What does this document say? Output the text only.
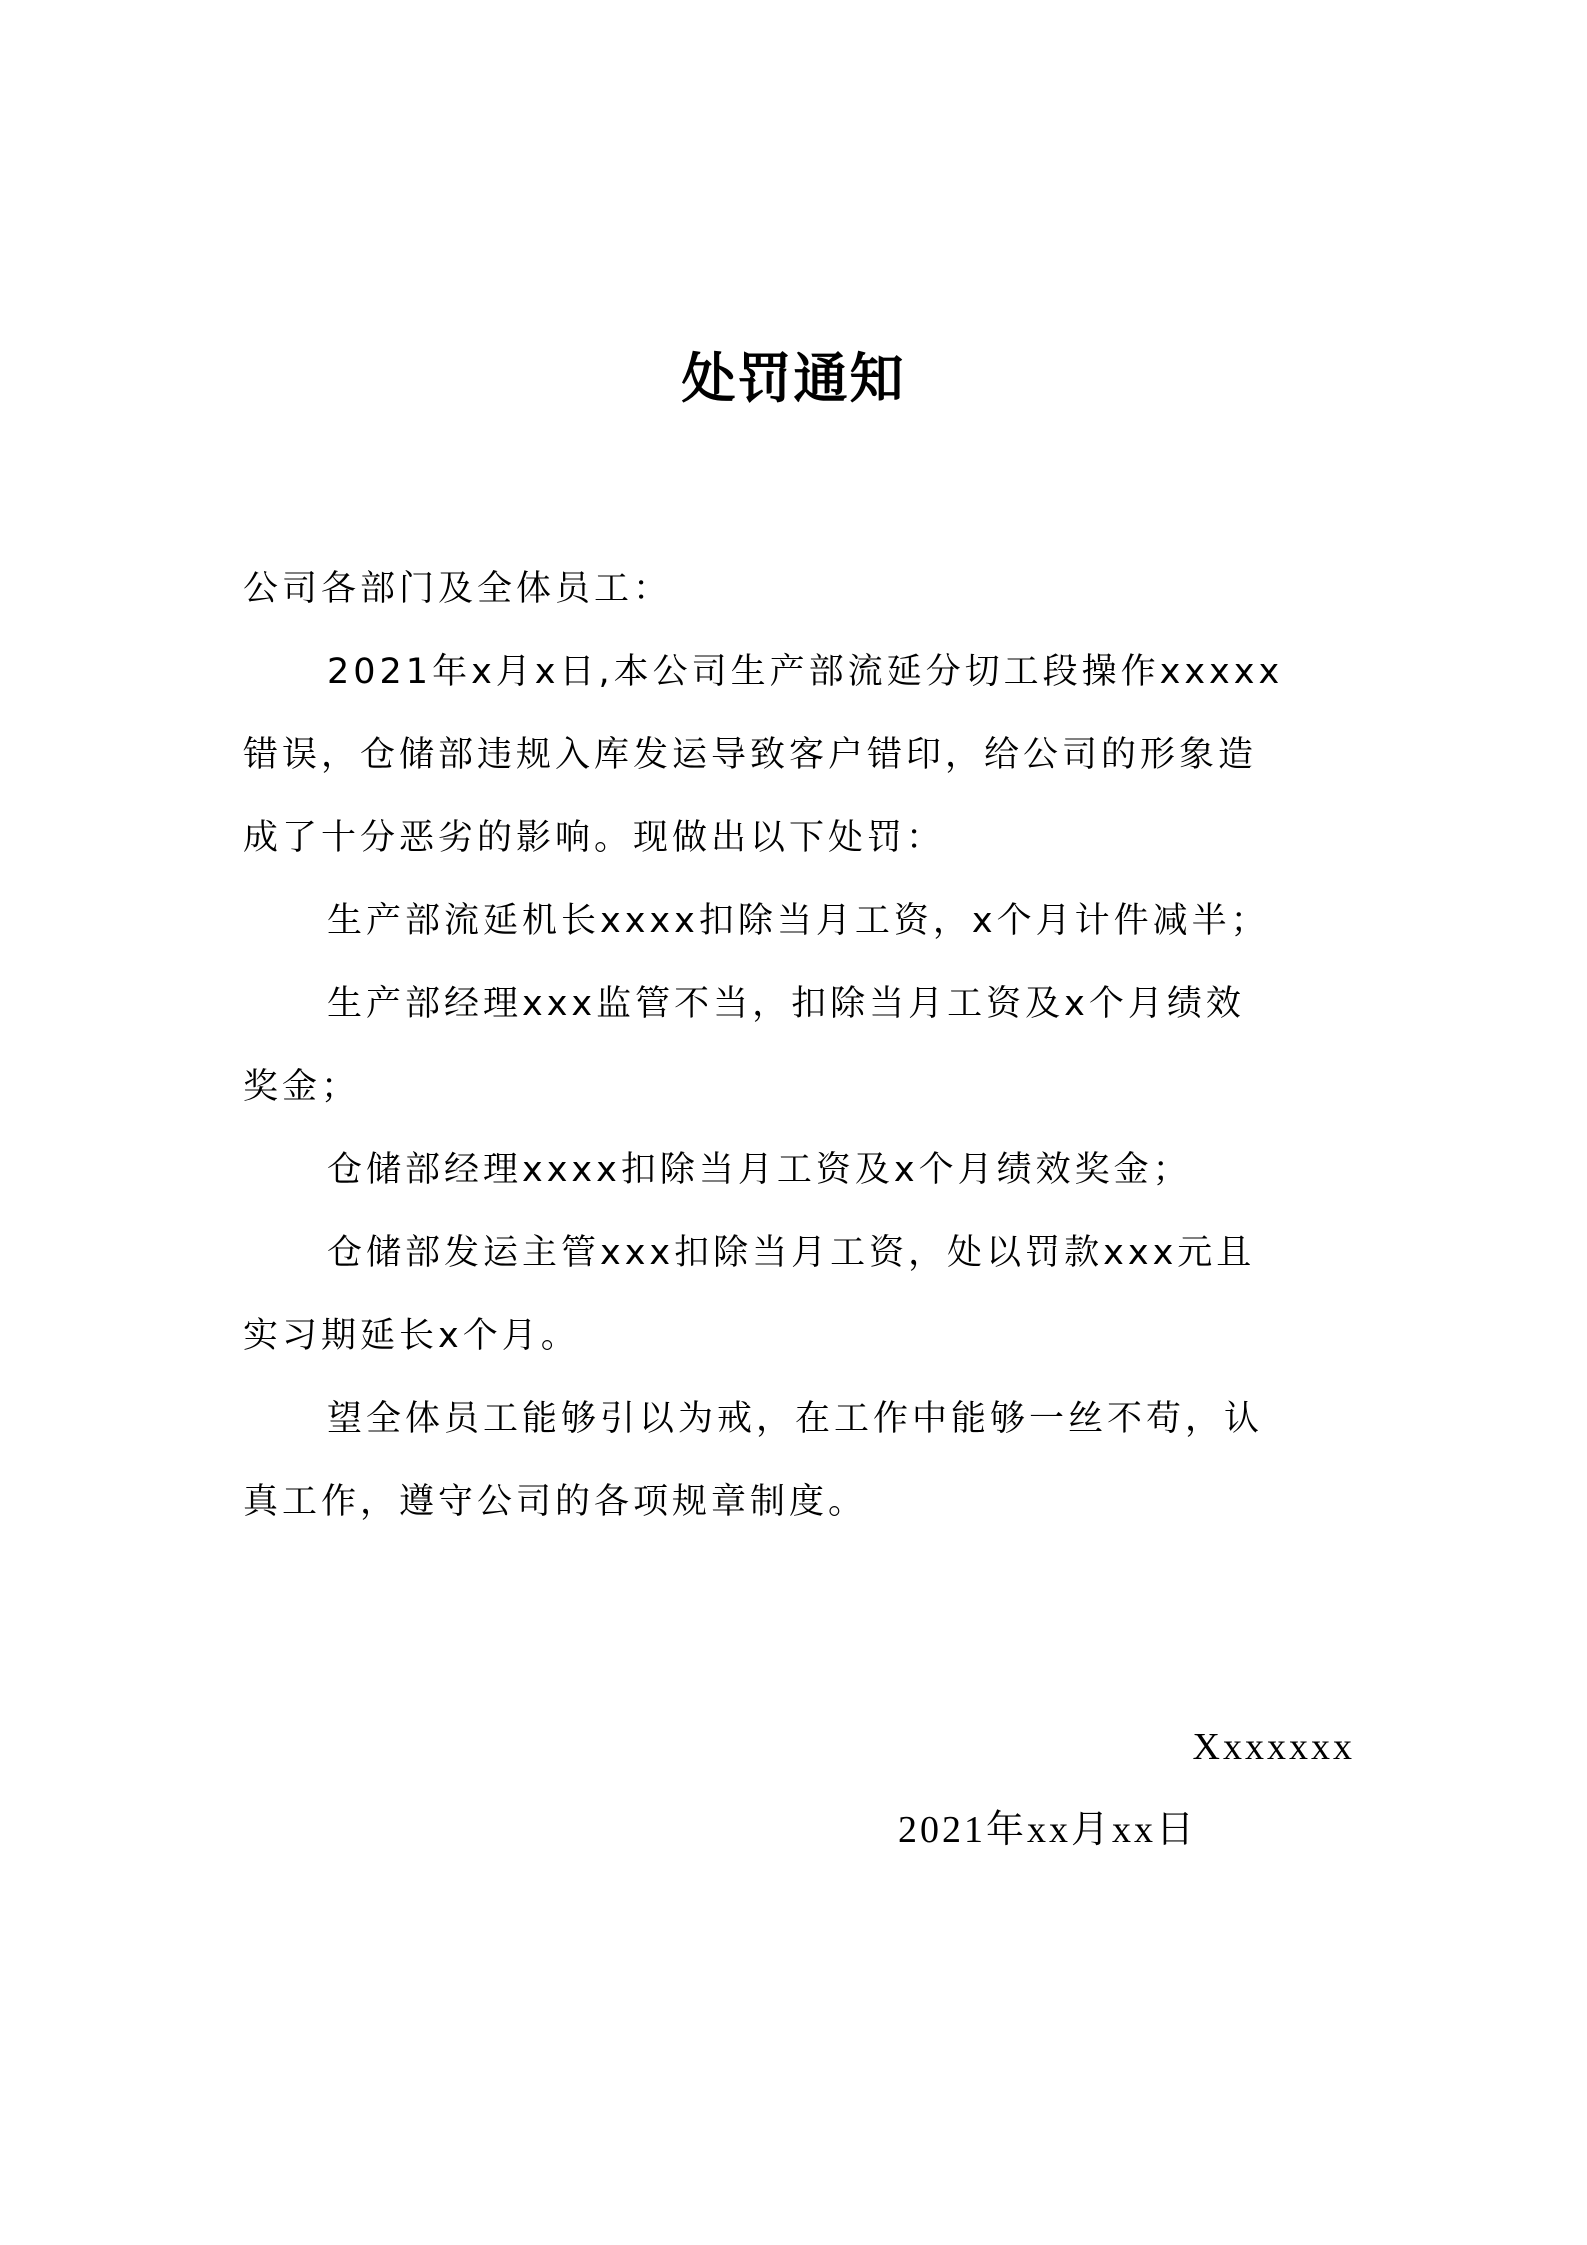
处罚通知
公司各部门及全体员工：
2021年x月x日,本公司生产部流延分切工段操作xxxxx
错误，仓储部违规入库发运导致客户错印，给公司的形象造
成了十分恶劣的影响。现做出以下处罚：
生产部流延机长xxxx扣除当月工资，x个月计件减半；
生产部经理xxx监管不当，扣除当月工资及x个月绩效
奖金；
仓储部经理xxxx扣除当月工资及x个月绩效奖金；
仓储部发运主管xxx扣除当月工资，处以罚款xxx元且
实习期延长x个月。
望全体员工能够引以为戒，在工作中能够一丝不苟，认
真工作，遵守公司的各项规章制度。
Xxxxxxx
2021年xx月xx日
